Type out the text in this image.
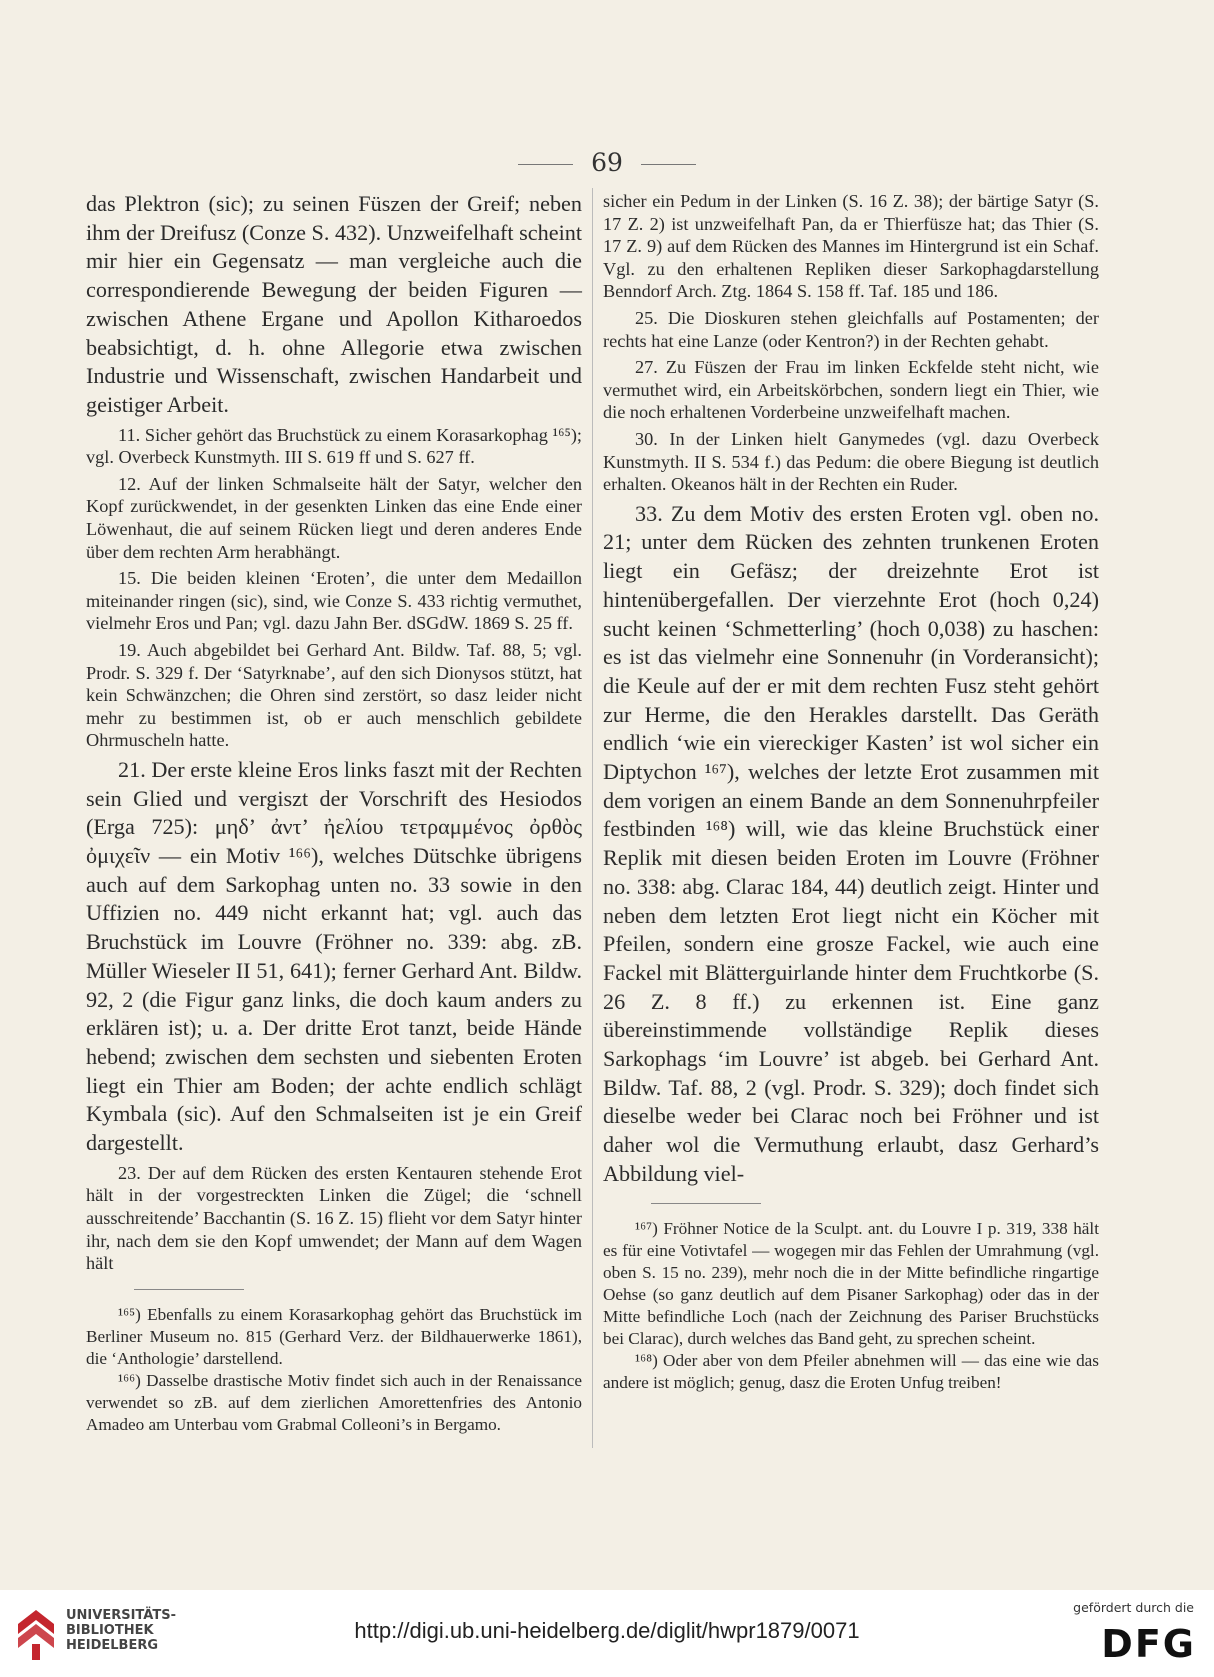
69

das Plektron (sic); zu seinen Füszen der Greif; neben ihm der Dreifusz (Conze S. 432). Unzweifelhaft scheint mir hier ein Gegensatz — man vergleiche auch die correspondierende Bewegung der beiden Figuren — zwischen Athene Ergane und Apollon Kitharoedos beabsichtigt, d. h. ohne Allegorie etwa zwischen Industrie und Wissenschaft, zwischen Handarbeit und geistiger Arbeit.

11. Sicher gehört das Bruchstück zu einem Korasarkophag ¹⁶⁵); vgl. Overbeck Kunstmyth. III S. 619 ff und S. 627 ff.

12. Auf der linken Schmalseite hält der Satyr, welcher den Kopf zurückwendet, in der gesenkten Linken das eine Ende einer Löwenhaut, die auf seinem Rücken liegt und deren anderes Ende über dem rechten Arm herabhängt.

15. Die beiden kleinen ‘Eroten’, die unter dem Medaillon miteinander ringen (sic), sind, wie Conze S. 433 richtig vermuthet, vielmehr Eros und Pan; vgl. dazu Jahn Ber. dSGdW. 1869 S. 25 ff.

19. Auch abgebildet bei Gerhard Ant. Bildw. Taf. 88, 5; vgl. Prodr. S. 329 f. Der ‘Satyrknabe’, auf den sich Dionysos stützt, hat kein Schwänzchen; die Ohren sind zerstört, so dasz leider nicht mehr zu bestimmen ist, ob er auch menschlich gebildete Ohrmuscheln hatte.

21. Der erste kleine Eros links faszt mit der Rechten sein Glied und vergiszt der Vorschrift des Hesiodos (Erga 725): μηδ’ ἀντ’ ἠελίου τετραμμένος ὀρθὸς ὀμιχεῖν — ein Motiv ¹⁶⁶), welches Dütschke übrigens auch auf dem Sarkophag unten no. 33 sowie in den Uffizien no. 449 nicht erkannt hat; vgl. auch das Bruchstück im Louvre (Fröhner no. 339: abg. zB. Müller Wieseler II 51, 641); ferner Gerhard Ant. Bildw. 92, 2 (die Figur ganz links, die doch kaum anders zu erklären ist); u. a. Der dritte Erot tanzt, beide Hände hebend; zwischen dem sechsten und siebenten Eroten liegt ein Thier am Boden; der achte endlich schlägt Kymbala (sic). Auf den Schmalseiten ist je ein Greif dargestellt.

23. Der auf dem Rücken des ersten Kentauren stehende Erot hält in der vorgestreckten Linken die Zügel; die ‘schnell ausschreitende’ Bacchantin (S. 16 Z. 15) flieht vor dem Satyr hinter ihr, nach dem sie den Kopf umwendet; der Mann auf dem Wagen hält

¹⁶⁵) Ebenfalls zu einem Korasarkophag gehört das Bruchstück im Berliner Museum no. 815 (Gerhard Verz. der Bildhauerwerke 1861), die ‘Anthologie’ darstellend.

¹⁶⁶) Dasselbe drastische Motiv findet sich auch in der Renaissance verwendet so zB. auf dem zierlichen Amorettenfries des Antonio Amadeo am Unterbau vom Grabmal Colleoni’s in Bergamo.

sicher ein Pedum in der Linken (S. 16 Z. 38); der bärtige Satyr (S. 17 Z. 2) ist unzweifelhaft Pan, da er Thierfüsze hat; das Thier (S. 17 Z. 9) auf dem Rücken des Mannes im Hintergrund ist ein Schaf. Vgl. zu den erhaltenen Repliken dieser Sarkophagdarstellung Benndorf Arch. Ztg. 1864 S. 158 ff. Taf. 185 und 186.

25. Die Dioskuren stehen gleichfalls auf Postamenten; der rechts hat eine Lanze (oder Kentron?) in der Rechten gehabt.

27. Zu Füszen der Frau im linken Eckfelde steht nicht, wie vermuthet wird, ein Arbeitskörbchen, sondern liegt ein Thier, wie die noch erhaltenen Vorderbeine unzweifelhaft machen.

30. In der Linken hielt Ganymedes (vgl. dazu Overbeck Kunstmyth. II S. 534 f.) das Pedum: die obere Biegung ist deutlich erhalten. Okeanos hält in der Rechten ein Ruder.

33. Zu dem Motiv des ersten Eroten vgl. oben no. 21; unter dem Rücken des zehnten trunkenen Eroten liegt ein Gefäsz; der dreizehnte Erot ist hintenübergefallen. Der vierzehnte Erot (hoch 0,24) sucht keinen ‘Schmetterling’ (hoch 0,038) zu haschen: es ist das vielmehr eine Sonnenuhr (in Vorderansicht); die Keule auf der er mit dem rechten Fusz steht gehört zur Herme, die den Herakles darstellt. Das Geräth endlich ‘wie ein viereckiger Kasten’ ist wol sicher ein Diptychon ¹⁶⁷), welches der letzte Erot zusammen mit dem vorigen an einem Bande an dem Sonnenuhrpfeiler festbinden ¹⁶⁸) will, wie das kleine Bruchstück einer Replik mit diesen beiden Eroten im Louvre (Fröhner no. 338: abg. Clarac 184, 44) deutlich zeigt. Hinter und neben dem letzten Erot liegt nicht ein Köcher mit Pfeilen, sondern eine grosze Fackel, wie auch eine Fackel mit Blätterguirlande hinter dem Fruchtkorbe (S. 26 Z. 8 ff.) zu erkennen ist. Eine ganz übereinstimmende vollständige Replik dieses Sarkophags ‘im Louvre’ ist abgeb. bei Gerhard Ant. Bildw. Taf. 88, 2 (vgl. Prodr. S. 329); doch findet sich dieselbe weder bei Clarac noch bei Fröhner und ist daher wol die Vermuthung erlaubt, dasz Gerhard’s Abbildung viel-

¹⁶⁷) Fröhner Notice de la Sculpt. ant. du Louvre I p. 319, 338 hält es für eine Votivtafel — wogegen mir das Fehlen der Umrahmung (vgl. oben S. 15 no. 239), mehr noch die in der Mitte befindliche ringartige Oehse (so ganz deutlich auf dem Pisaner Sarkophag) oder das in der Mitte befindliche Loch (nach der Zeichnung des Pariser Bruchstücks bei Clarac), durch welches das Band geht, zu sprechen scheint.

¹⁶⁸) Oder aber von dem Pfeiler abnehmen will — das eine wie das andere ist möglich; genug, dasz die Eroten Unfug treiben!

UNIVERSITÄTS-
BIBLIOTHEK
HEIDELBERG
http://digi.ub.uni-heidelberg.de/diglit/hwpr1879/0071
gefördert durch die
DFG
